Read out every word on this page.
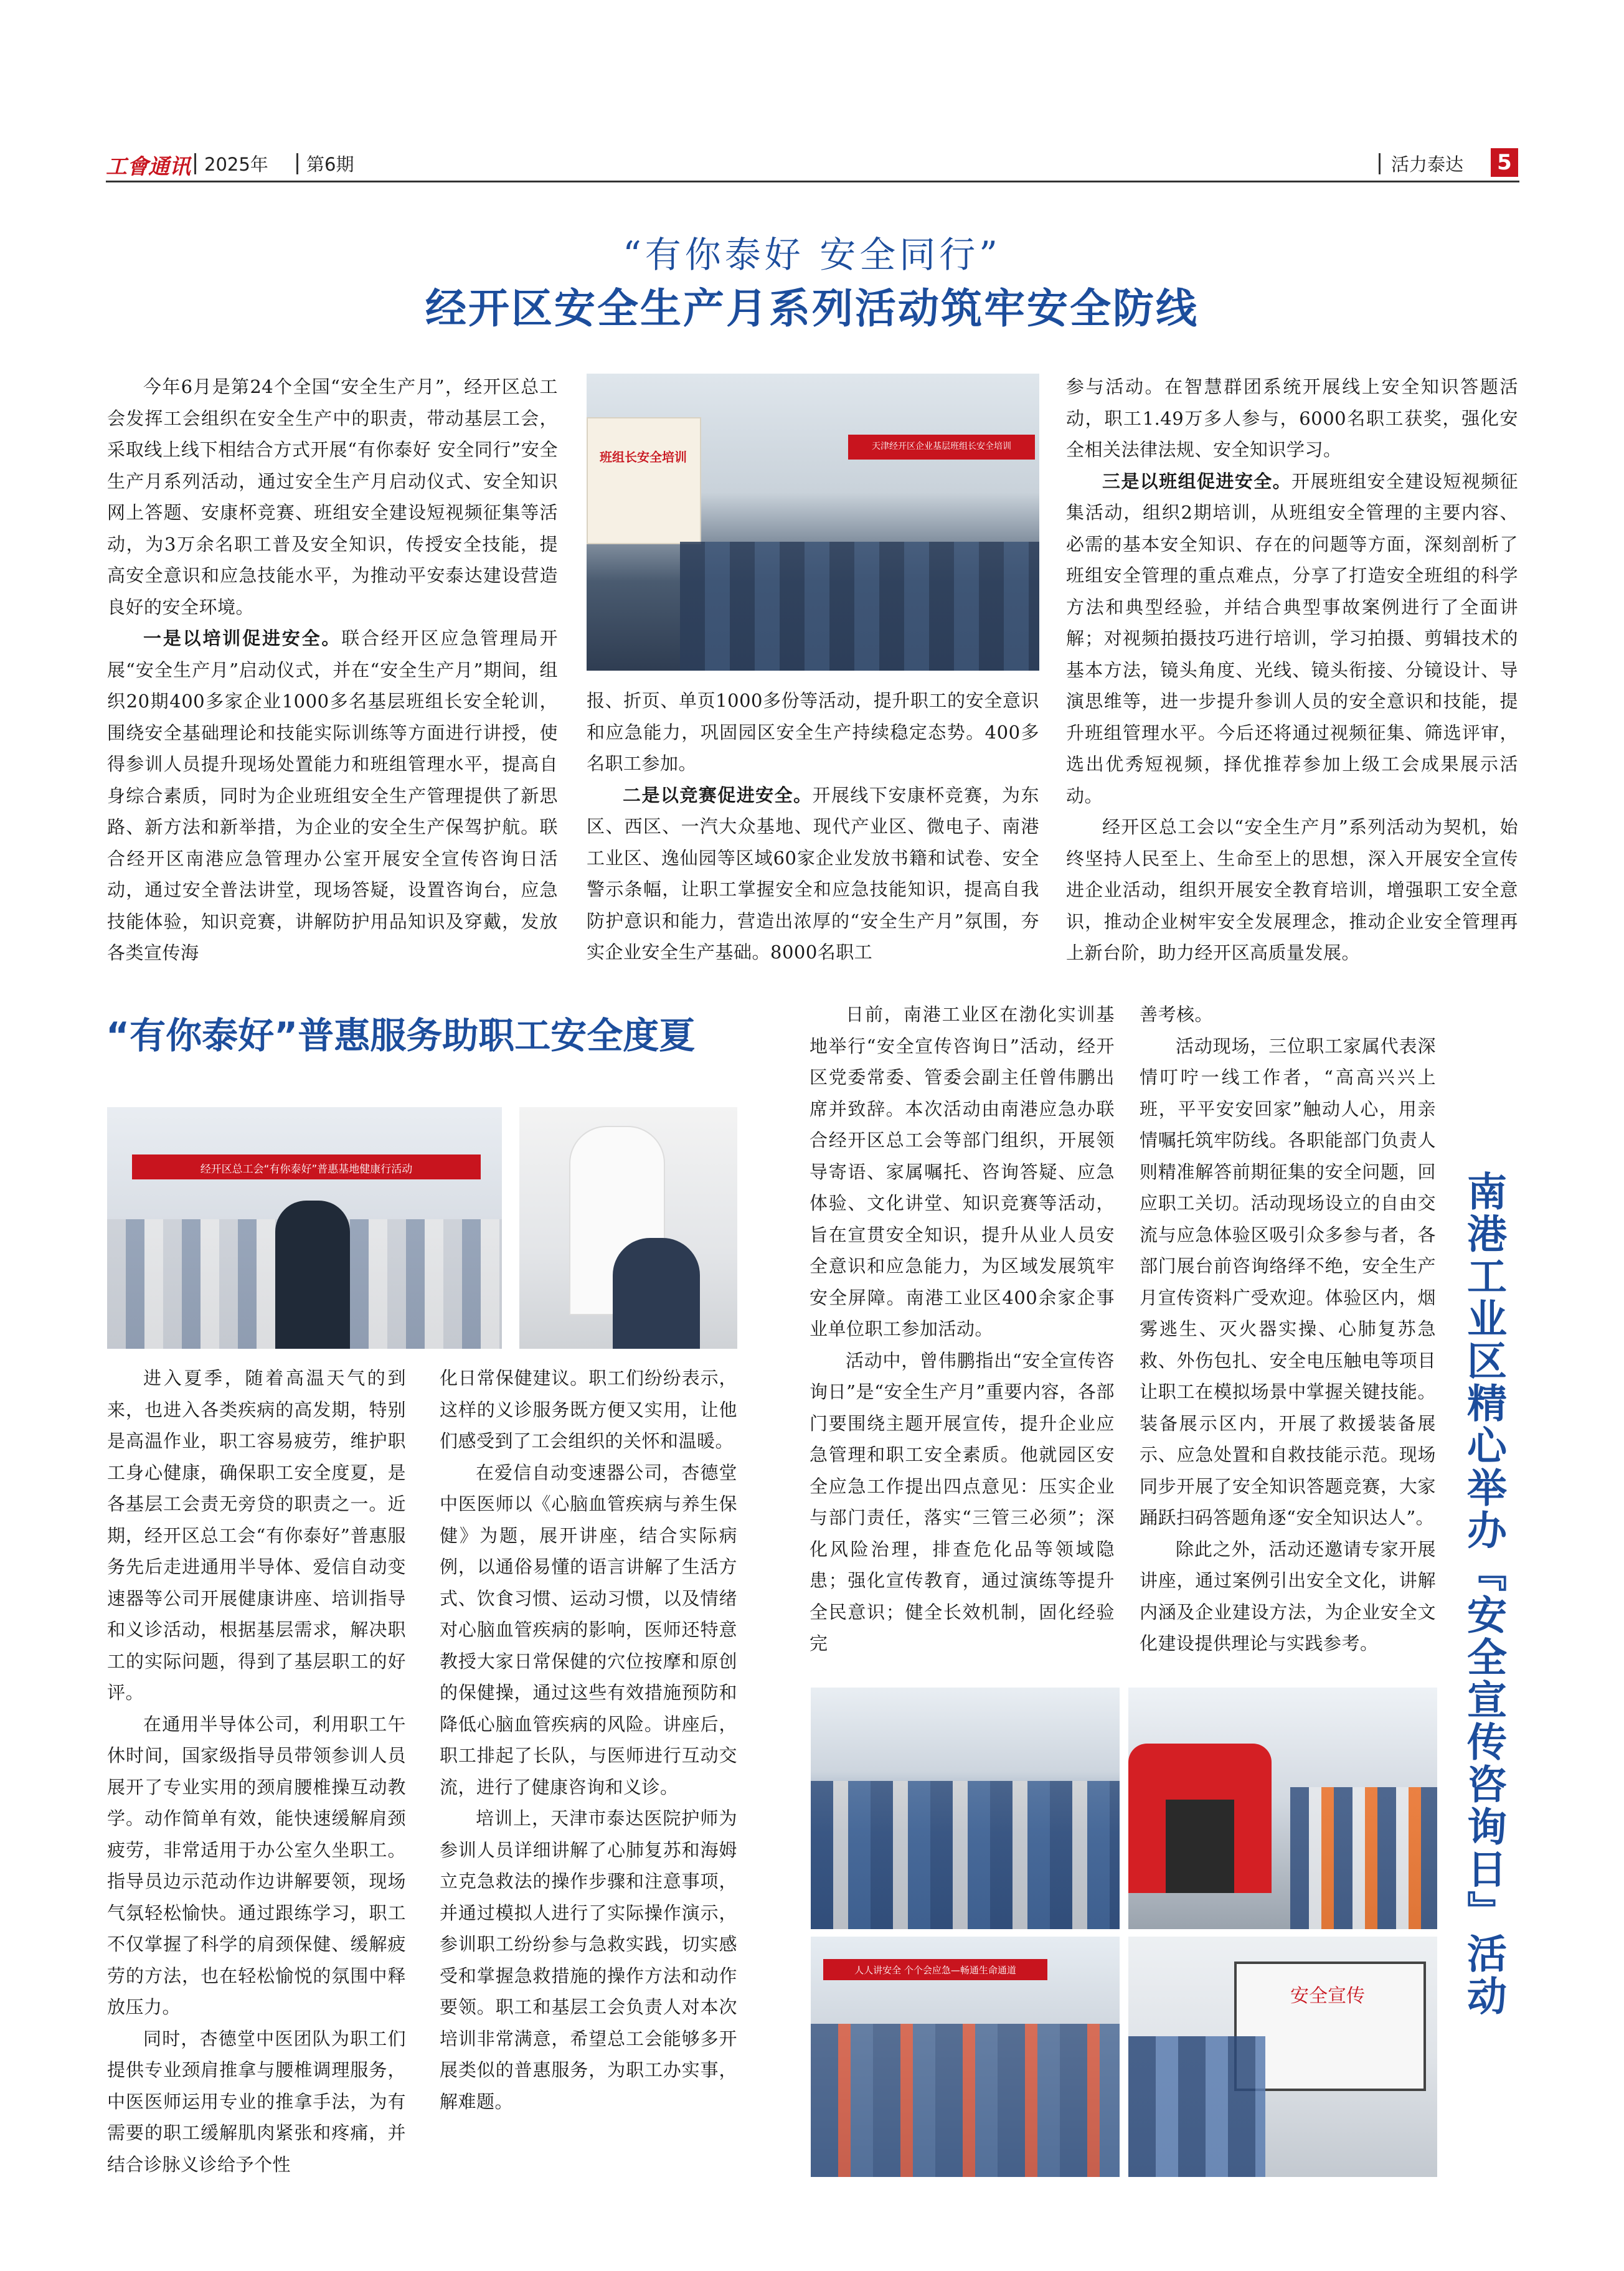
工會通讯 2025年 第6期	活力泰达 5
“有你泰好 安全同行”
经开区安全生产月系列活动筑牢安全防线

今年6月是第24个全国“安全生产月”，经开区总工会发挥工会组织在安全生产中的职责，带动基层工会，采取线上线下相结合方式开展“有你泰好 安全同行”安全生产月系列活动，通过安全生产月启动仪式、安全知识网上答题、安康杯竞赛、班组安全建设短视频征集等活动，为3万余名职工普及安全知识，传授安全技能，提高安全意识和应急技能水平，为推动平安泰达建设营造良好的安全环境。

一是以培训促进安全。联合经开区应急管理局开展“安全生产月”启动仪式，并在“安全生产月”期间，组织20期400多家企业1000多名基层班组长安全轮训，围绕安全基础理论和技能实际训练等方面进行讲授，使得参训人员提升现场处置能力和班组管理水平，提高自身综合素质，同时为企业班组安全生产管理提供了新思路、新方法和新举措，为企业的安全生产保驾护航。联合经开区南港应急管理办公室开展安全宣传咨询日活动，通过安全普法讲堂，现场答疑，设置咨询台，应急技能体验，知识竞赛，讲解防护用品知识及穿戴，发放各类宣传海

班组长安全培训
天津经开区企业基层班组长安全培训

报、折页、单页1000多份等活动，提升职工的安全意识和应急能力，巩固园区安全生产持续稳定态势。400多名职工参加。

二是以竞赛促进安全。开展线下安康杯竞赛，为东区、西区、一汽大众基地、现代产业区、微电子、南港工业区、逸仙园等区域60家企业发放书籍和试卷、安全警示条幅，让职工掌握安全和应急技能知识，提高自我防护意识和能力，营造出浓厚的“安全生产月”氛围，夯实企业安全生产基础。8000名职工

参与活动。在智慧群团系统开展线上安全知识答题活动，职工1.49万多人参与，6000名职工获奖，强化安全相关法律法规、安全知识学习。

三是以班组促进安全。开展班组安全建设短视频征集活动，组织2期培训，从班组安全管理的主要内容、必需的基本安全知识、存在的问题等方面，深刻剖析了班组安全管理的重点难点，分享了打造安全班组的科学方法和典型经验，并结合典型事故案例进行了全面讲解；对视频拍摄技巧进行培训，学习拍摄、剪辑技术的基本方法，镜头角度、光线、镜头衔接、分镜设计、导演思维等，进一步提升参训人员的安全意识和技能，提升班组管理水平。今后还将通过视频征集、筛选评审，选出优秀短视频，择优推荐参加上级工会成果展示活动。

经开区总工会以“安全生产月”系列活动为契机，始终坚持人民至上、生命至上的思想，深入开展安全宣传进企业活动，组织开展安全教育培训，增强职工安全意识，推动企业树牢安全发展理念，推动企业安全管理再上新台阶，助力经开区高质量发展。

“有你泰好”普惠服务助职工安全度夏
经开区总工会“有你泰好”普惠基地健康行活动

进入夏季，随着高温天气的到来，也进入各类疾病的高发期，特别是高温作业，职工容易疲劳，维护职工身心健康，确保职工安全度夏，是各基层工会责无旁贷的职责之一。近期，经开区总工会“有你泰好”普惠服务先后走进通用半导体、爱信自动变速器等公司开展健康讲座、培训指导和义诊活动，根据基层需求，解决职工的实际问题，得到了基层职工的好评。

在通用半导体公司，利用职工午休时间，国家级指导员带领参训人员展开了专业实用的颈肩腰椎操互动教学。动作简单有效，能快速缓解肩颈疲劳，非常适用于办公室久坐职工。指导员边示范动作边讲解要领，现场气氛轻松愉快。通过跟练学习，职工不仅掌握了科学的肩颈保健、缓解疲劳的方法，也在轻松愉悦的氛围中释放压力。

同时，杏德堂中医团队为职工们提供专业颈肩推拿与腰椎调理服务，中医医师运用专业的推拿手法，为有需要的职工缓解肌肉紧张和疼痛，并结合诊脉义诊给予个性

化日常保健建议。职工们纷纷表示，这样的义诊服务既方便又实用，让他们感受到了工会组织的关怀和温暖。

在爱信自动变速器公司，杏德堂中医医师以《心脑血管疾病与养生保健》为题，展开讲座，结合实际病例，以通俗易懂的语言讲解了生活方式、饮食习惯、运动习惯，以及情绪对心脑血管疾病的影响，医师还特意教授大家日常保健的穴位按摩和原创的保健操，通过这些有效措施预防和降低心脑血管疾病的风险。讲座后，职工排起了长队，与医师进行互动交流，进行了健康咨询和义诊。

培训上，天津市泰达医院护师为参训人员详细讲解了心肺复苏和海姆立克急救法的操作步骤和注意事项，并通过模拟人进行了实际操作演示，参训职工纷纷参与急救实践，切实感受和掌握急救措施的操作方法和动作要领。职工和基层工会负责人对本次培训非常满意，希望总工会能够多开展类似的普惠服务，为职工办实事，解难题。

日前，南港工业区在渤化实训基地举行“安全宣传咨询日”活动，经开区党委常委、管委会副主任曾伟鹏出席并致辞。本次活动由南港应急办联合经开区总工会等部门组织，开展领导寄语、家属嘱托、咨询答疑、应急体验、文化讲堂、知识竞赛等活动，旨在宣贯安全知识，提升从业人员安全意识和应急能力，为区域发展筑牢安全屏障。南港工业区400余家企事业单位职工参加活动。

活动中，曾伟鹏指出“安全宣传咨询日”是“安全生产月”重要内容，各部门要围绕主题开展宣传，提升企业应急管理和职工安全素质。他就园区安全应急工作提出四点意见：压实企业与部门责任，落实“三管三必须”；深化风险治理，排查危化品等领域隐患；强化宣传教育，通过演练等提升全民意识；健全长效机制，固化经验完

善考核。

活动现场，三位职工家属代表深情叮咛一线工作者，“高高兴兴上班，平平安安回家”触动人心，用亲情嘱托筑牢防线。各职能部门负责人则精准解答前期征集的安全问题，回应职工关切。活动现场设立的自由交流与应急体验区吸引众多参与者，各部门展台前咨询络绎不绝，安全生产月宣传资料广受欢迎。体验区内，烟雾逃生、灭火器实操、心肺复苏急救、外伤包扎、安全电压触电等项目让职工在模拟场景中掌握关键技能。装备展示区内，开展了救援装备展示、应急处置和自救技能示范。现场同步开展了安全知识答题竞赛，大家踊跃扫码答题角逐“安全知识达人”。

除此之外，活动还邀请专家开展讲座，通过案例引出安全文化，讲解内涵及企业建设方法，为企业安全文化建设提供理论与实践参考。	南港工业区精心举办『安全宣传咨询日』活动
人人讲安全 个个会应急—畅通生命通道
安全宣传
